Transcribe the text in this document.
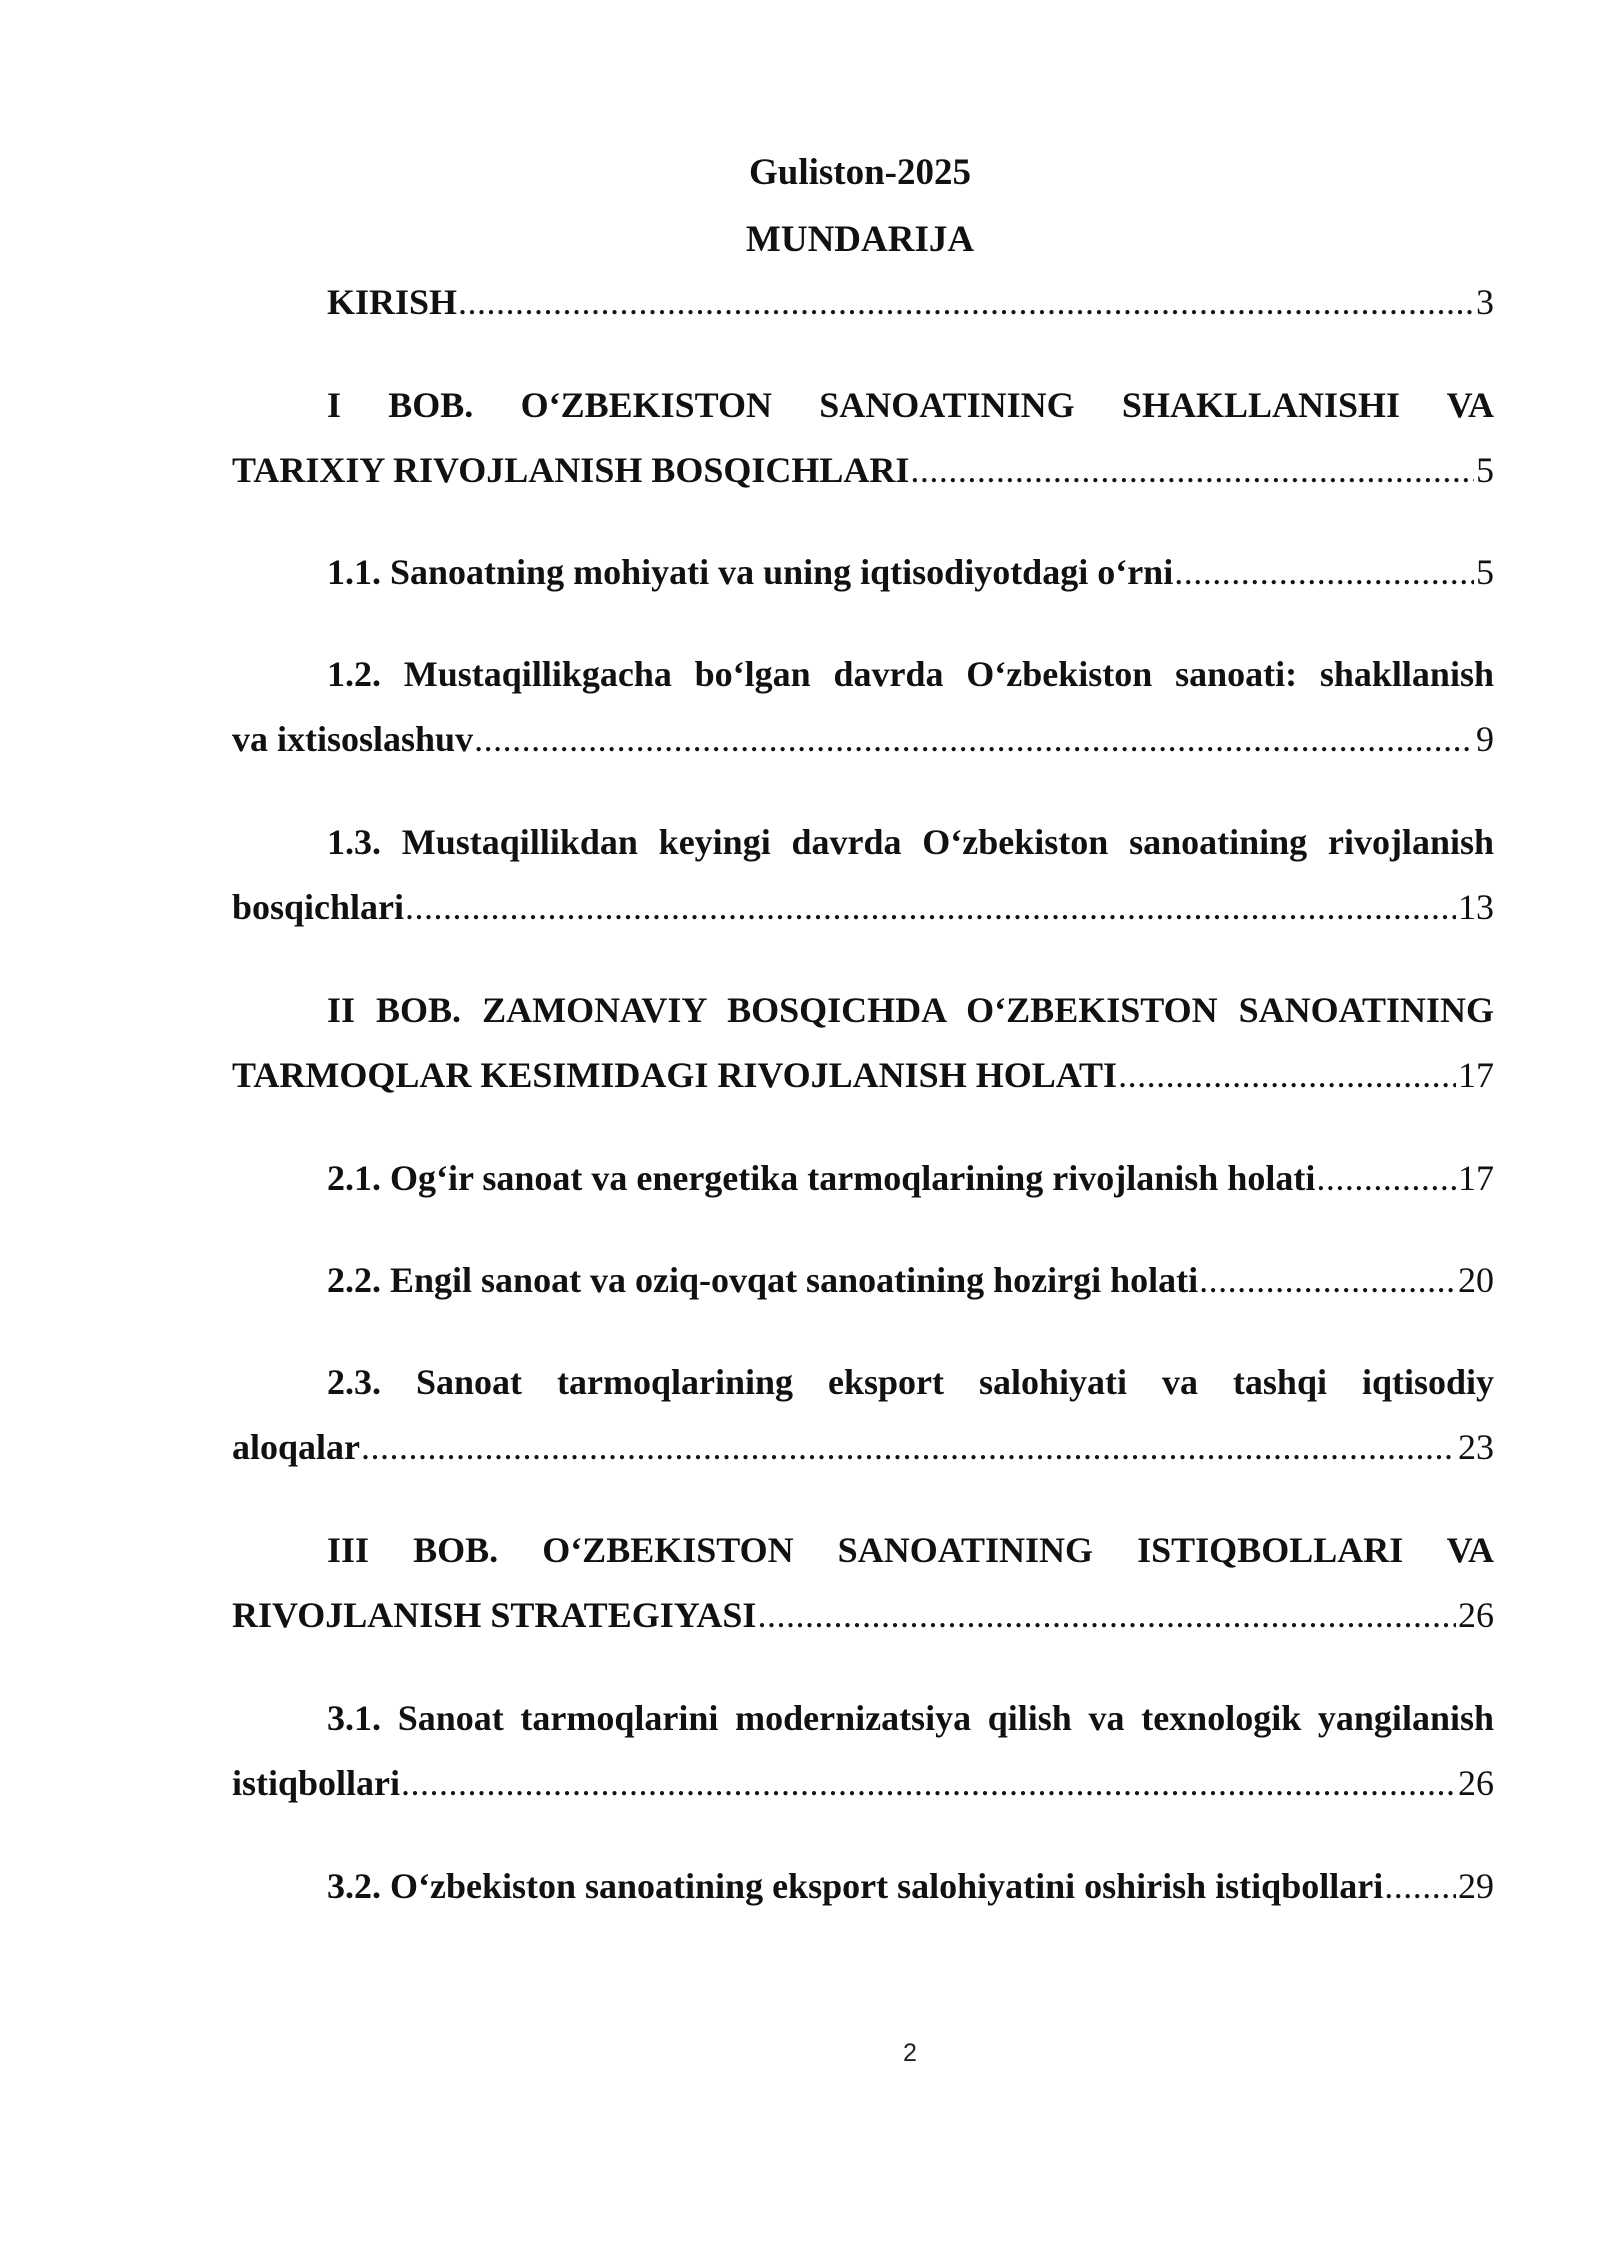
Guliston-2025
MUNDARIJA
KIRISH .....	3
I BOB. O‘ZBEKISTON SANOATINING SHAKLLANISHI VA
TARIXIY RIVOJLANISH BOSQICHLARI .....	5
1.1. Sanoatning mohiyati va uning iqtisodiyotdagi o‘rni .....	5
1.2. Mustaqillikgacha bo‘lgan davrda O‘zbekiston sanoati: shakllanish
va ixtisoslashuv .....	9
1.3. Mustaqillikdan keyingi davrda O‘zbekiston sanoatining rivojlanish
bosqichlari .....	13
II BOB. ZAMONAVIY BOSQICHDA O‘ZBEKISTON SANOATINING
TARMOQLAR KESIMIDAGI RIVOJLANISH HOLATI .....	17
2.1. Og‘ir sanoat va energetika tarmoqlarining rivojlanish holati .....	17
2.2. Engil sanoat va oziq-ovqat sanoatining hozirgi holati .....	20
2.3. Sanoat tarmoqlarining eksport salohiyati va tashqi iqtisodiy
aloqalar .....	23
III BOB. O‘ZBEKISTON SANOATINING ISTIQBOLLARI VA
RIVOJLANISH STRATEGIYASI .....	26
3.1. Sanoat tarmoqlarini modernizatsiya qilish va texnologik yangilanish
istiqbollari .....	26
3.2. O‘zbekiston sanoatining eksport salohiyatini oshirish istiqbollari ..... 29
2
